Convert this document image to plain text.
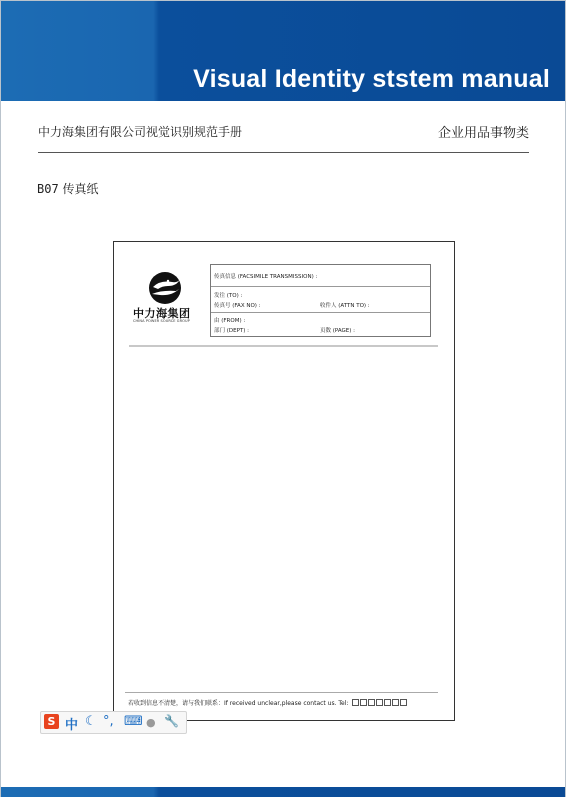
Visual Identity ststem manual
中力海集团有限公司视觉识别规范手册	企业用品事物类
B07 传真纸
中力海集团
CHINA POWER SOURCE GROUP
传真信息 (FACSIMILE TRANSMISSION) :
发往 (TO) :
传真号 (FAX NO) :	收件人 (ATTN TO) :
由 (FROM) :
部门 (DEPT) :	页数 (PAGE) :
若收到信息不清楚，请与我们联系：If received unclear,please contact us. Tel:
S 中 ☾ °, ⌨ ● 🔧
